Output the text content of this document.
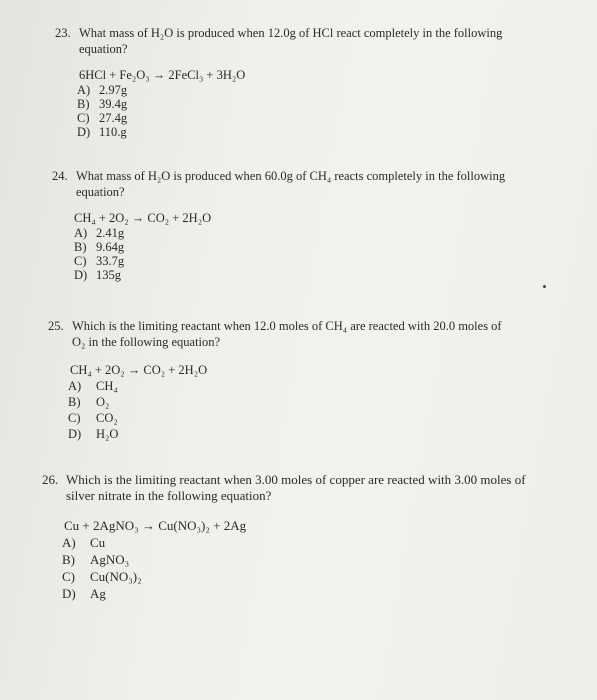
23. What mass of H₂O is produced when 12.0g of HCl react completely in the following
equation?
6HCl + Fe₂O₃ → 2FeCl₃ + 3H₂O
A) 2.97g
B) 39.4g
C) 27.4g
D) 110.g
24. What mass of H₂O is produced when 60.0g of CH₄ reacts completely in the following
equation?
CH₄ + 2O₂ → CO₂ + 2H₂O
A) 2.41g
B) 9.64g
C) 33.7g
D) 135g
25. Which is the limiting reactant when 12.0 moles of CH₄ are reacted with 20.0 moles of
O₂ in the following equation?
CH₄ + 2O₂ → CO₂ + 2H₂O
A)	CH₄
B)	O₂
C)	CO₂
D)	H₂O
26. Which is the limiting reactant when 3.00 moles of copper are reacted with 3.00 moles of
silver nitrate in the following equation?
Cu + 2AgNO₃ → Cu(NO₃)₂ + 2Ag
A)	Cu
B)	AgNO₃
C)	Cu(NO₃)₂
D)	Ag
